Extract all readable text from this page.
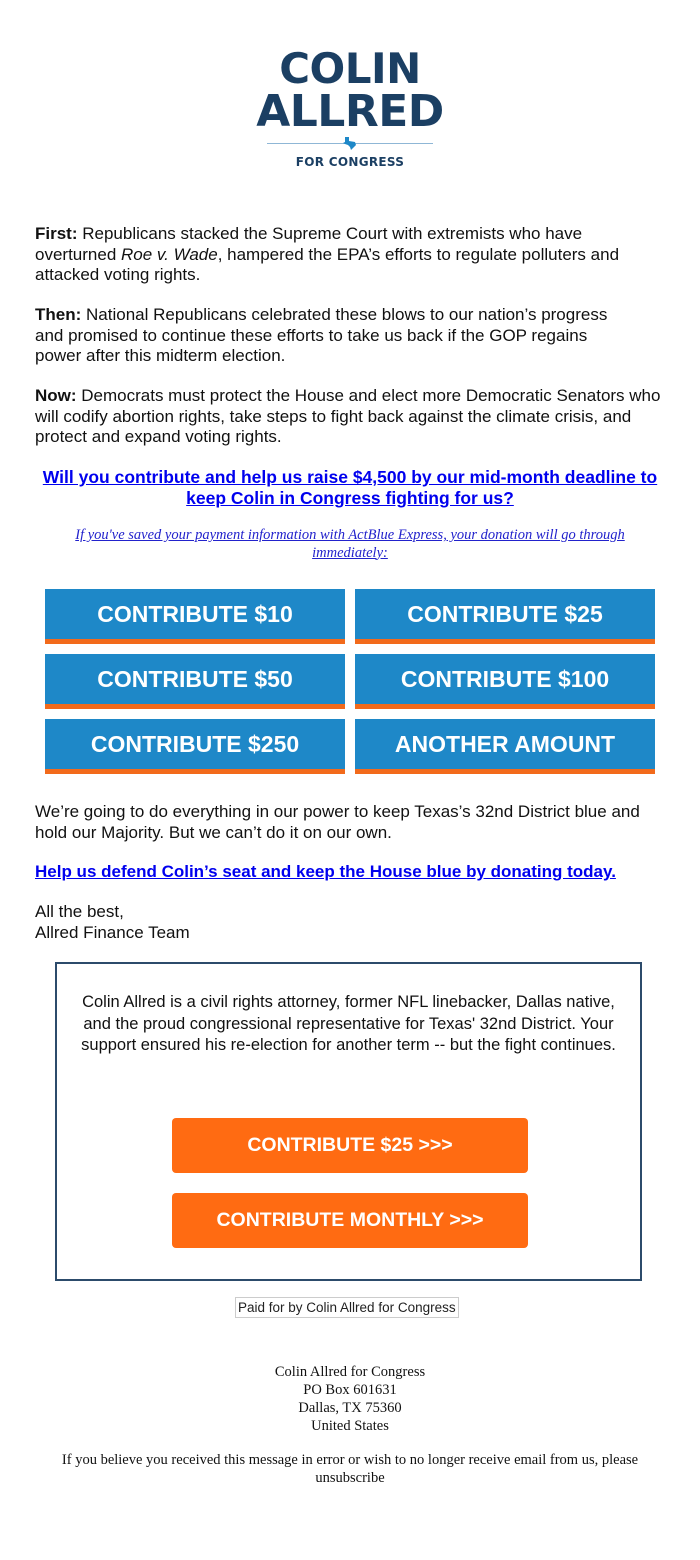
COLIN
ALLRED
FOR CONGRESS
First: Republicans stacked the Supreme Court with extremists who have overturned Roe v. Wade, hampered the EPA’s efforts to regulate polluters and attacked voting rights.
Then: National Republicans celebrated these blows to our nation’s progress and promised to continue these efforts to take us back if the GOP regains power after this midterm election.
Now: Democrats must protect the House and elect more Democratic Senators who will codify abortion rights, take steps to fight back against the climate crisis, and protect and expand voting rights.
Will you contribute and help us raise $4,500 by our mid-month deadline to keep Colin in Congress fighting for us?
If you've saved your payment information with ActBlue Express, your donation will go through immediately:
CONTRIBUTE $10	CONTRIBUTE $25
CONTRIBUTE $50	CONTRIBUTE $100
CONTRIBUTE $250	ANOTHER AMOUNT
We’re going to do everything in our power to keep Texas’s 32nd District blue and hold our Majority. But we can’t do it on our own.
Help us defend Colin’s seat and keep the House blue by donating today.
All the best,
Allred Finance Team
Colin Allred is a civil rights attorney, former NFL linebacker, Dallas native, and the proud congressional representative for Texas' 32nd District. Your support ensured his re-election for another term -- but the fight continues.
CONTRIBUTE $25 >>>
CONTRIBUTE MONTHLY >>>
Paid for by Colin Allred for Congress
Colin Allred for Congress
PO Box 601631
Dallas, TX 75360
United States
If you believe you received this message in error or wish to no longer receive email from us, please unsubscribe
